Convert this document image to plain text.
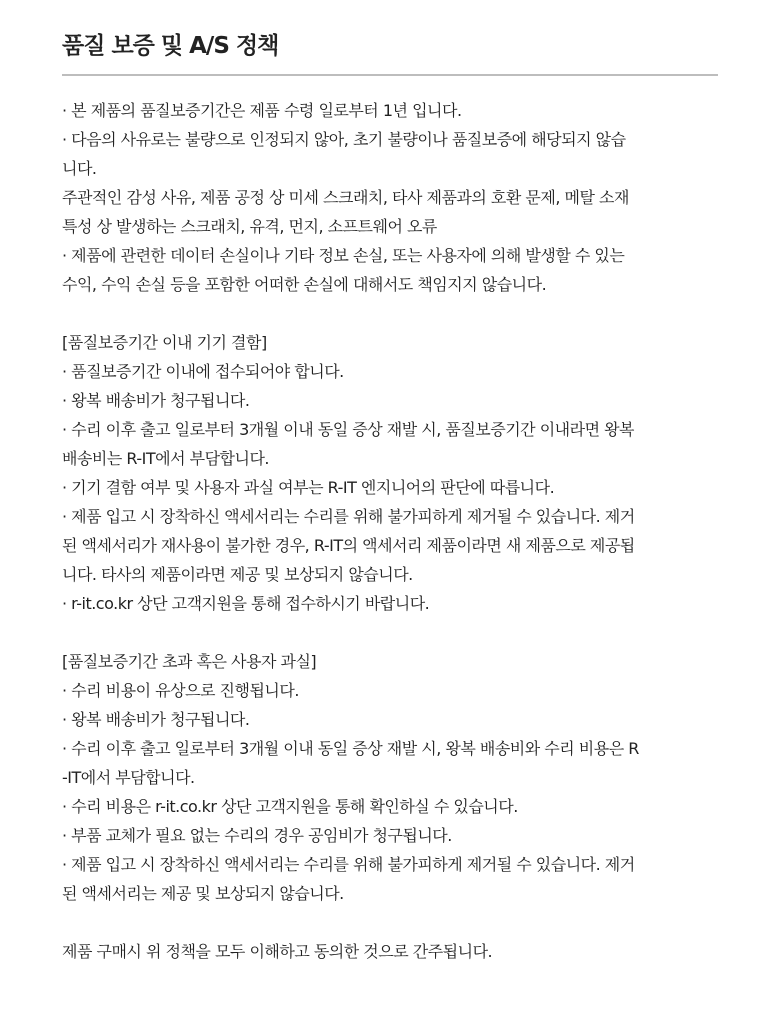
품질 보증 및 A/S 정책
· 본 제품의 품질보증기간은 제품 수령 일로부터 1년 입니다.
· 다음의 사유로는 불량으로 인정되지 않아, 초기 불량이나 품질보증에 해당되지 않습
니다.
주관적인 감성 사유, 제품 공정 상 미세 스크래치, 타사 제품과의 호환 문제, 메탈 소재
특성 상 발생하는 스크래치, 유격, 먼지, 소프트웨어 오류
· 제품에 관련한 데이터 손실이나 기타 정보 손실, 또는 사용자에 의해 발생할 수 있는
수익, 수익 손실 등을 포함한 어떠한 손실에 대해서도 책임지지 않습니다.
[품질보증기간 이내 기기 결함]
· 품질보증기간 이내에 접수되어야 합니다.
· 왕복 배송비가 청구됩니다.
· 수리 이후 출고 일로부터 3개월 이내 동일 증상 재발 시, 품질보증기간 이내라면 왕복
배송비는 R-IT에서 부담합니다.
· 기기 결함 여부 및 사용자 과실 여부는 R-IT 엔지니어의 판단에 따릅니다.
· 제품 입고 시 장착하신 액세서리는 수리를 위해 불가피하게 제거될 수 있습니다. 제거
된 액세서리가 재사용이 불가한 경우, R-IT의 액세서리 제품이라면 새 제품으로 제공됩
니다. 타사의 제품이라면 제공 및 보상되지 않습니다.
· r-it.co.kr 상단 고객지원을 통해 접수하시기 바랍니다.
[품질보증기간 초과 혹은 사용자 과실]
· 수리 비용이 유상으로 진행됩니다.
· 왕복 배송비가 청구됩니다.
· 수리 이후 출고 일로부터 3개월 이내 동일 증상 재발 시, 왕복 배송비와 수리 비용은 R
-IT에서 부담합니다.
· 수리 비용은 r-it.co.kr 상단 고객지원을 통해 확인하실 수 있습니다.
· 부품 교체가 필요 없는 수리의 경우 공임비가 청구됩니다.
· 제품 입고 시 장착하신 액세서리는 수리를 위해 불가피하게 제거될 수 있습니다. 제거
된 액세서리는 제공 및 보상되지 않습니다.
제품 구매시 위 정책을 모두 이해하고 동의한 것으로 간주됩니다.
